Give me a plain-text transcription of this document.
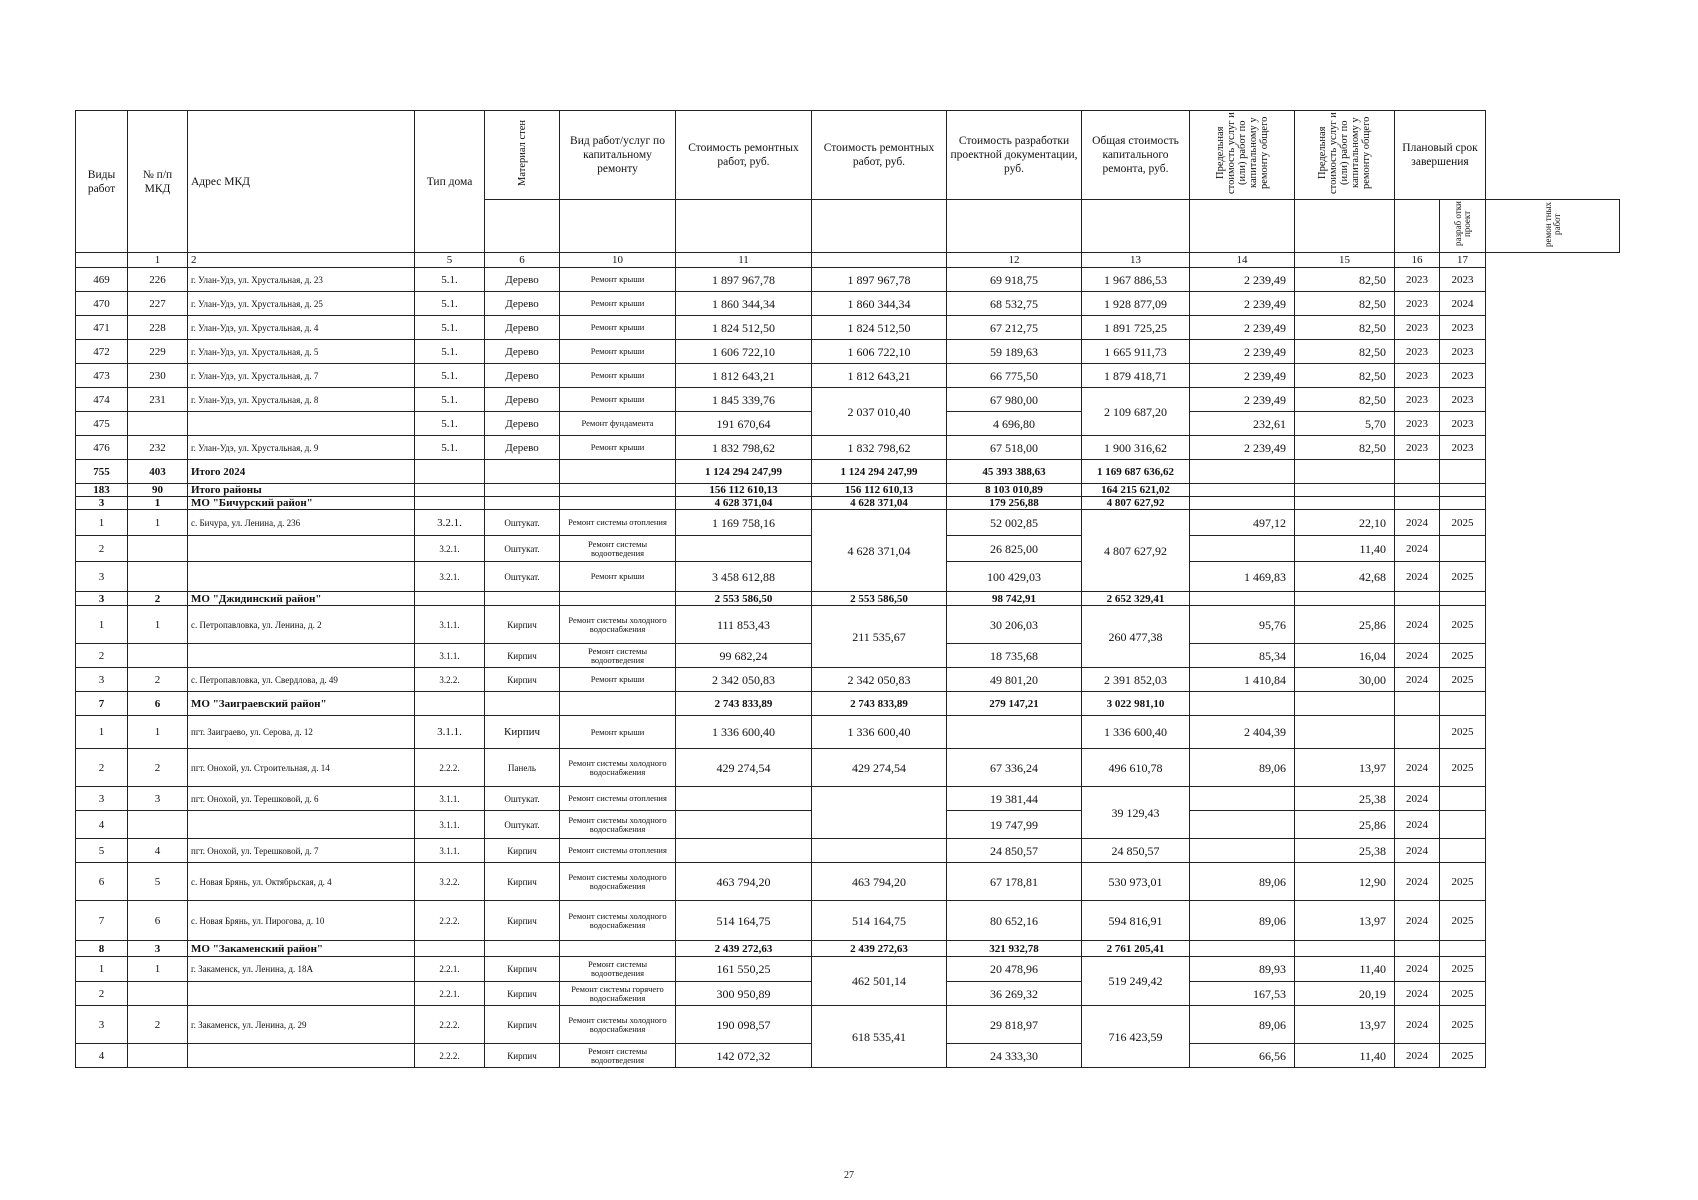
Виды работ	№ п/п МКД	Адрес МКД	Тип дома	Материал стен	Вид работ/услуг по капитальному ремонту	Стоимость ремонтных работ, руб.	Стоимость ремонтных работ, руб.	Стоимость разработки проектной документации, руб.	Общая стоимость капитального ремонта, руб.	Предельная стоимость услуг и (или) работ по капитальному у ремонту общего	Предельная стоимость услуг и (или) работ по капитальному у ремонту общего	Плановый срок завершения		
													разраб отки проект	ремон тных работ
	1	2	5	6	10	11		12	13	14	15	16	17	
469	226	г. Улан-Удэ, ул. Хрустальная, д. 23	5.1.	Дерево	Ремонт крыши	1 897 967,78	1 897 967,78	69 918,75	1 967 886,53	2 239,49	82,50	2023	2023	
470	227	г. Улан-Удэ, ул. Хрустальная, д. 25	5.1.	Дерево	Ремонт крыши	1 860 344,34	1 860 344,34	68 532,75	1 928 877,09	2 239,49	82,50	2023	2024	
471	228	г. Улан-Удэ, ул. Хрустальная, д. 4	5.1.	Дерево	Ремонт крыши	1 824 512,50	1 824 512,50	67 212,75	1 891 725,25	2 239,49	82,50	2023	2023	
472	229	г. Улан-Удэ, ул. Хрустальная, д. 5	5.1.	Дерево	Ремонт крыши	1 606 722,10	1 606 722,10	59 189,63	1 665 911,73	2 239,49	82,50	2023	2023	
473	230	г. Улан-Удэ, ул. Хрустальная, д. 7	5.1.	Дерево	Ремонт крыши	1 812 643,21	1 812 643,21	66 775,50	1 879 418,71	2 239,49	82,50	2023	2023	
474	231	г. Улан-Удэ, ул. Хрустальная, д. 8	5.1.	Дерево	Ремонт крыши	1 845 339,76	2 037 010,40	67 980,00	2 109 687,20	2 239,49	82,50	2023	2023	
475			5.1.	Дерево	Ремонт фундамента	191 670,64		4 696,80		232,61	5,70	2023	2023	
476	232	г. Улан-Удэ, ул. Хрустальная, д. 9	5.1.	Дерево	Ремонт крыши	1 832 798,62	1 832 798,62	67 518,00	1 900 316,62	2 239,49	82,50	2023	2023	
755	403	Итого 2024				1 124 294 247,99	1 124 294 247,99	45 393 388,63	1 169 687 636,62					
183	90	Итого районы				156 112 610,13	156 112 610,13	8 103 010,89	164 215 621,02					
3	1	МО "Бичурский район"				4 628 371,04	4 628 371,04	179 256,88	4 807 627,92					
1	1	с. Бичура, ул. Ленина, д. 236	3.2.1.	Оштукат.	Ремонт системы отопления	1 169 758,16	4 628 371,04	52 002,85	4 807 627,92	497,12	22,10	2024	2025	
2			3.2.1.	Оштукат.	Ремонт системы водоотведения			26 825,00			11,40	2024		
3			3.2.1.	Оштукат.	Ремонт крыши	3 458 612,88		100 429,03		1 469,83	42,68	2024	2025	
3	2	МО "Джидинский район"				2 553 586,50	2 553 586,50	98 742,91	2 652 329,41					
1	1	с. Петропавловка, ул. Ленина, д. 2	3.1.1.	Кирпич	Ремонт системы холодного водоснабжения	111 853,43	211 535,67	30 206,03	260 477,38	95,76	25,86	2024	2025	
2			3.1.1.	Кирпич	Ремонт системы водоотведения	99 682,24		18 735,68		85,34	16,04	2024	2025	
3	2	с. Петропавловка, ул. Свердлова, д. 49	3.2.2.	Кирпич	Ремонт крыши	2 342 050,83	2 342 050,83	49 801,20	2 391 852,03	1 410,84	30,00	2024	2025	
7	6	МО "Заиграевский район"				2 743 833,89	2 743 833,89	279 147,21	3 022 981,10					
1	1	пгт. Заиграево, ул. Серова, д. 12	3.1.1.	Кирпич	Ремонт крыши	1 336 600,40	1 336 600,40		1 336 600,40	2 404,39			2025	
2	2	пгт. Онохой, ул. Строительная, д. 14	2.2.2.	Панель	Ремонт системы холодного водоснабжения	429 274,54	429 274,54	67 336,24	496 610,78	89,06	13,97	2024	2025	
3	3	пгт. Онохой, ул. Терешковой, д. 6	3.1.1.	Оштукат.	Ремонт системы отопления			19 381,44	39 129,43		25,38	2024		
4			3.1.1.	Оштукат.	Ремонт системы холодного водоснабжения			19 747,99			25,86	2024		
5	4	пгт. Онохой, ул. Терешковой, д. 7	3.1.1.	Кирпич	Ремонт системы отопления			24 850,57	24 850,57		25,38	2024		
6	5	с. Новая Брянь, ул. Октябрьская, д. 4	3.2.2.	Кирпич	Ремонт системы холодного водоснабжения	463 794,20	463 794,20	67 178,81	530 973,01	89,06	12,90	2024	2025	
7	6	с. Новая Брянь, ул. Пирогова, д. 10	2.2.2.	Кирпич	Ремонт системы холодного водоснабжения	514 164,75	514 164,75	80 652,16	594 816,91	89,06	13,97	2024	2025	
8	3	МО "Закаменский район"				2 439 272,63	2 439 272,63	321 932,78	2 761 205,41					
1	1	г. Закаменск, ул. Ленина, д. 18А	2.2.1.	Кирпич	Ремонт системы водоотведения	161 550,25	462 501,14	20 478,96	519 249,42	89,93	11,40	2024	2025	
2			2.2.1.	Кирпич	Ремонт системы горячего водоснабжения	300 950,89		36 269,32		167,53	20,19	2024	2025	
3	2	г. Закаменск, ул. Ленина, д. 29	2.2.2.	Кирпич	Ремонт системы холодного водоснабжения	190 098,57	618 535,41	29 818,97	716 423,59	89,06	13,97	2024	2025	
4			2.2.2.	Кирпич	Ремонт системы водоотведения	142 072,32		24 333,30		66,56	11,40	2024	2025	
27
